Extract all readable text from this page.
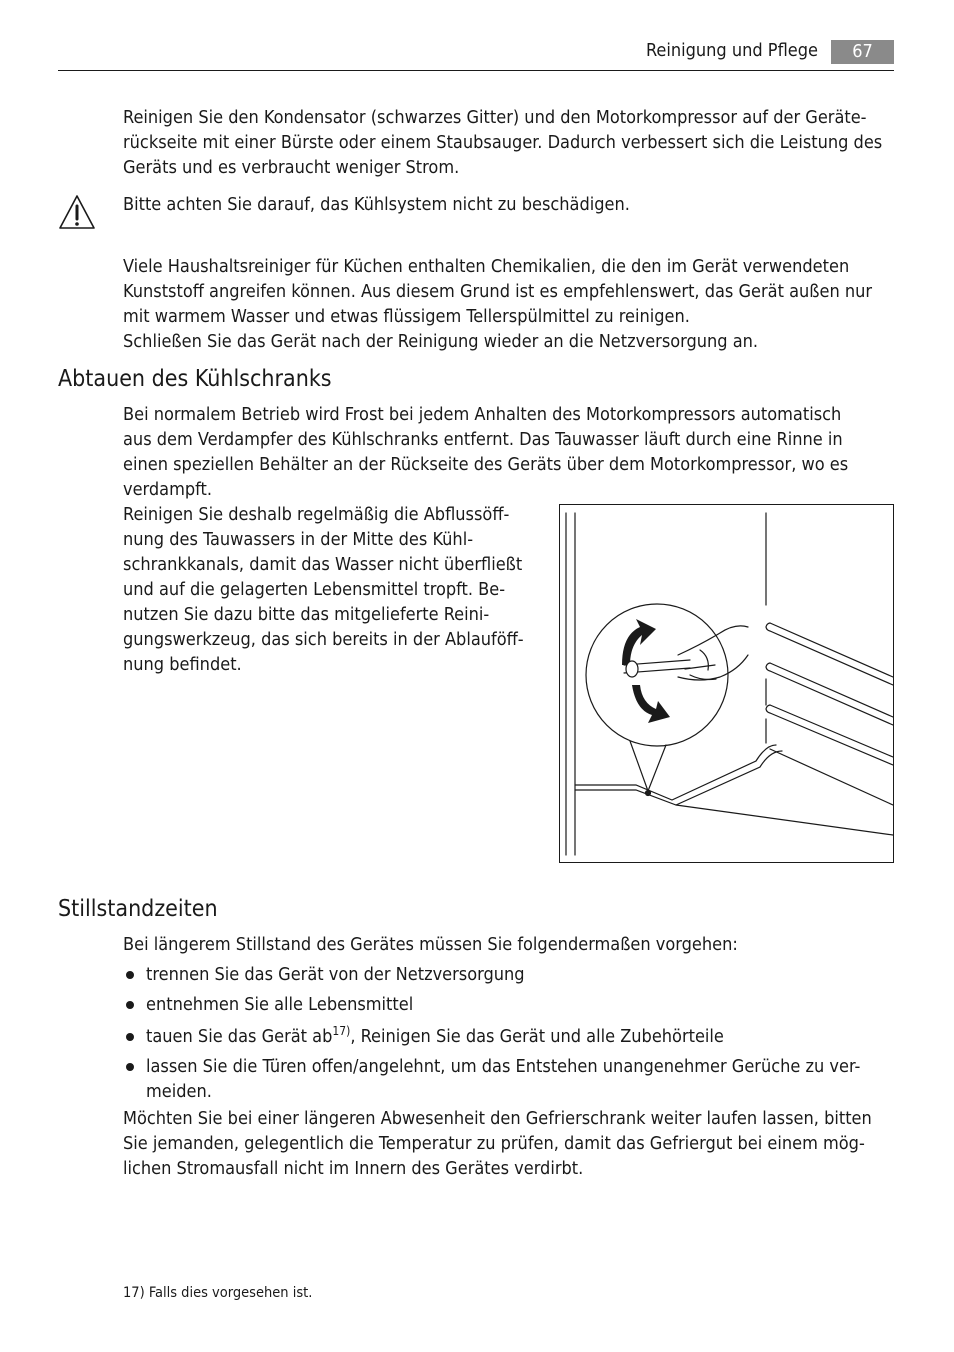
Reinigung und Pflege	67

Reinigen Sie den Kondensator (schwarzes Gitter) und den Motorkompressor auf der Geräte-

rückseite mit einer Bürste oder einem Staubsauger. Dadurch verbessert sich die Leistung des

Geräts und es verbraucht weniger Strom.

Bitte achten Sie darauf, das Kühlsystem nicht zu beschädigen.

Viele Haushaltsreiniger für Küchen enthalten Chemikalien, die den im Gerät verwendeten

Kunststoff angreifen können. Aus diesem Grund ist es empfehlenswert, das Gerät außen nur

mit warmem Wasser und etwas flüssigem Tellerspülmittel zu reinigen.

Schließen Sie das Gerät nach der Reinigung wieder an die Netzversorgung an.

Abtauen des Kühlschranks

Bei normalem Betrieb wird Frost bei jedem Anhalten des Motorkompressors automatisch

aus dem Verdampfer des Kühlschranks entfernt. Das Tauwasser läuft durch eine Rinne in

einen speziellen Behälter an der Rückseite des Geräts über dem Motorkompressor, wo es

verdampft.

Reinigen Sie deshalb regelmäßig die Abflussöff-

nung des Tauwassers in der Mitte des Kühl-

schrankkanals, damit das Wasser nicht überfließt

und auf die gelagerten Lebensmittel tropft. Be-

nutzen Sie dazu bitte das mitgelieferte Reini-

gungswerkzeug, das sich bereits in der Ablauföff-

nung befindet.

Stillstandzeiten
Bei längerem Stillstand des Gerätes müssen Sie folgendermaßen vorgehen:
trennen Sie das Gerät von der Netzversorgung
entnehmen Sie alle Lebensmittel
tauen Sie das Gerät $ab^{17)}$, Reinigen Sie das Gerät und alle Zubehörteile
lassen Sie die Türen offen/angelehnt, um das Entstehen unangenehmer Gerüche zu ver-
meiden.

Möchten Sie bei einer längeren Abwesenheit den Gefrierschrank weiter laufen lassen, bitten

Sie jemanden, gelegentlich die Temperatur zu prüfen, damit das Gefriergut bei einem mög-

lichen Stromausfall nicht im Innern des Gerätes verdirbt.

17) Falls dies vorgesehen ist.
